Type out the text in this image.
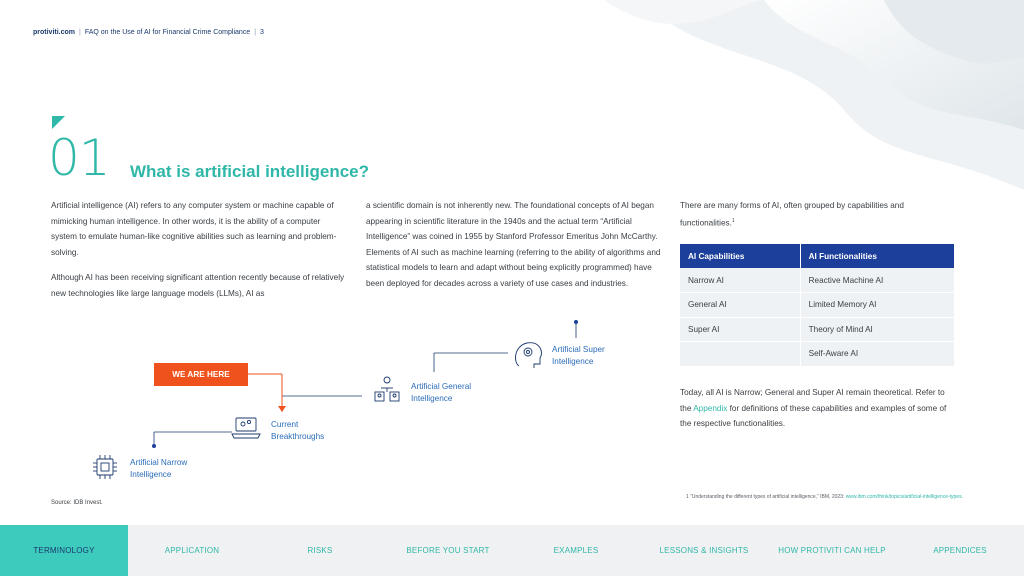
protiviti.com | FAQ on the Use of AI for Financial Crime Compliance | 3
01 What is artificial intelligence?

Artificial intelligence (AI) refers to any computer system or machine capable of mimicking human intelligence. In other words, it is the ability of a computer system to emulate human-like cognitive abilities such as learning and problem-solving.

Although AI has been receiving significant attention recently because of relatively new technologies like large language models (LLMs), AI as

a scientific domain is not inherently new. The foundational concepts of AI began appearing in scientific literature in the 1940s and the actual term “Artificial Intelligence” was coined in 1955 by Stanford Professor Emeritus John McCarthy. Elements of AI such as machine learning (referring to the ability of algorithms and statistical models to learn and adapt without being explicitly programmed) have been deployed for decades across a variety of use cases and industries.

There are many forms of AI, often grouped by capabilities and functionalities.$^1$

AI Capabilities	AI Functionalities
Narrow AI	Reactive Machine AI
General AI	Limited Memory AI
Super AI	Theory of Mind AI
	Self-Aware AI

Today, all AI is Narrow; General and Super AI remain theoretical. Refer to the Appendix for definitions of these capabilities and examples of some of the respective functionalities.

WE ARE HERE
Artificial Narrow Intelligence
Current Breakthroughs
Artificial General Intelligence
Artificial Super Intelligence
Source: IDB Invest.
1 “Understanding the different types of artificial intelligence,” IBM, 2023: www.ibm.com/think/topics/artificial-intelligence-types.
TERMINOLOGY	APPLICATION	RISKS	BEFORE YOU START	EXAMPLES	LESSONS & INSIGHTS	HOW PROTIVITI CAN HELP	APPENDICES
